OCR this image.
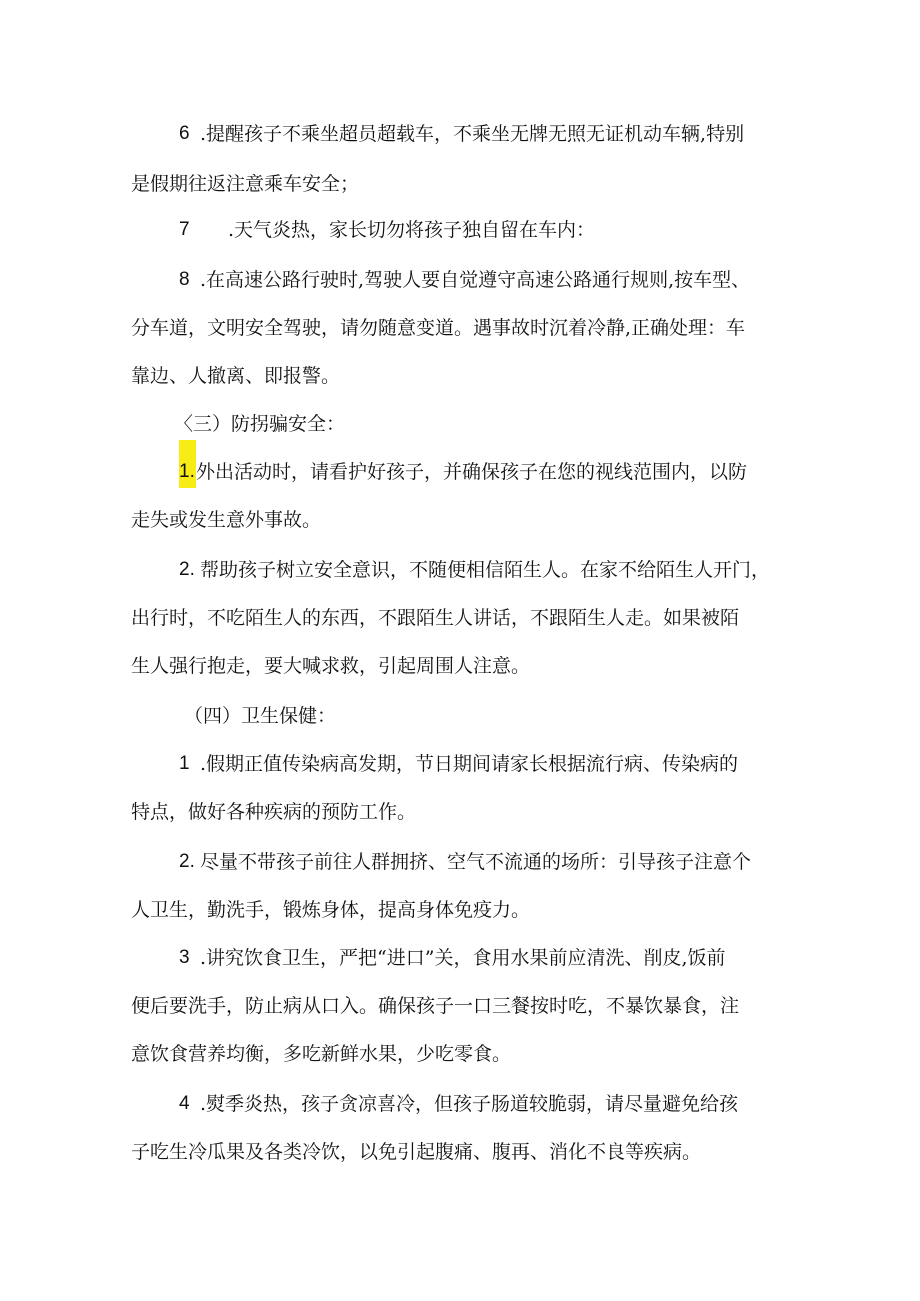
6 .提醒孩子不乘坐超员超载车，不乘坐无牌无照无证机动车辆,特别
是假期往返注意乘车安全；
7 .天气炎热，家长切勿将孩子独自留在车内：
8 .在高速公路行驶时,驾驶人要自觉遵守高速公路通行规则,按车型、
分车道，文明安全驾驶，请勿随意变道。遇事故时沉着冷静,正确处理：车
靠边、人撤离、即报警。
〈三）防拐骗安全：
1. 外出活动时，请看护好孩子，并确保孩子在您的视线范围内，以防
走失或发生意外事故。
2. 帮助孩子树立安全意识，不随便相信陌生人。在家不给陌生人开门，
出行时，不吃陌生人的东西，不跟陌生人讲话，不跟陌生人走。如果被陌
生人强行抱走，要大喊求救，引起周围人注意。
（四）卫生保健：
1 .假期正值传染病高发期，节日期间请家长根据流行病、传染病的
特点，做好各种疾病的预防工作。
2. 尽量不带孩子前往人群拥挤、空气不流通的场所：引导孩子注意个
人卫生，勤洗手，锻炼身体，提高身体免疫力。
3 .讲究饮食卫生，严把“进口”关，食用水果前应清洗、削皮,饭前
便后要洗手，防止病从口入。确保孩子一口三餐按时吃，不暴饮暴食，注
意饮食营养均衡，多吃新鲜水果，少吃零食。
4 .熨季炎热，孩子贪凉喜冷，但孩子肠道较脆弱，请尽量避免给孩
子吃生冷瓜果及各类冷饮，以免引起腹痛、腹再、消化不良等疾病。
